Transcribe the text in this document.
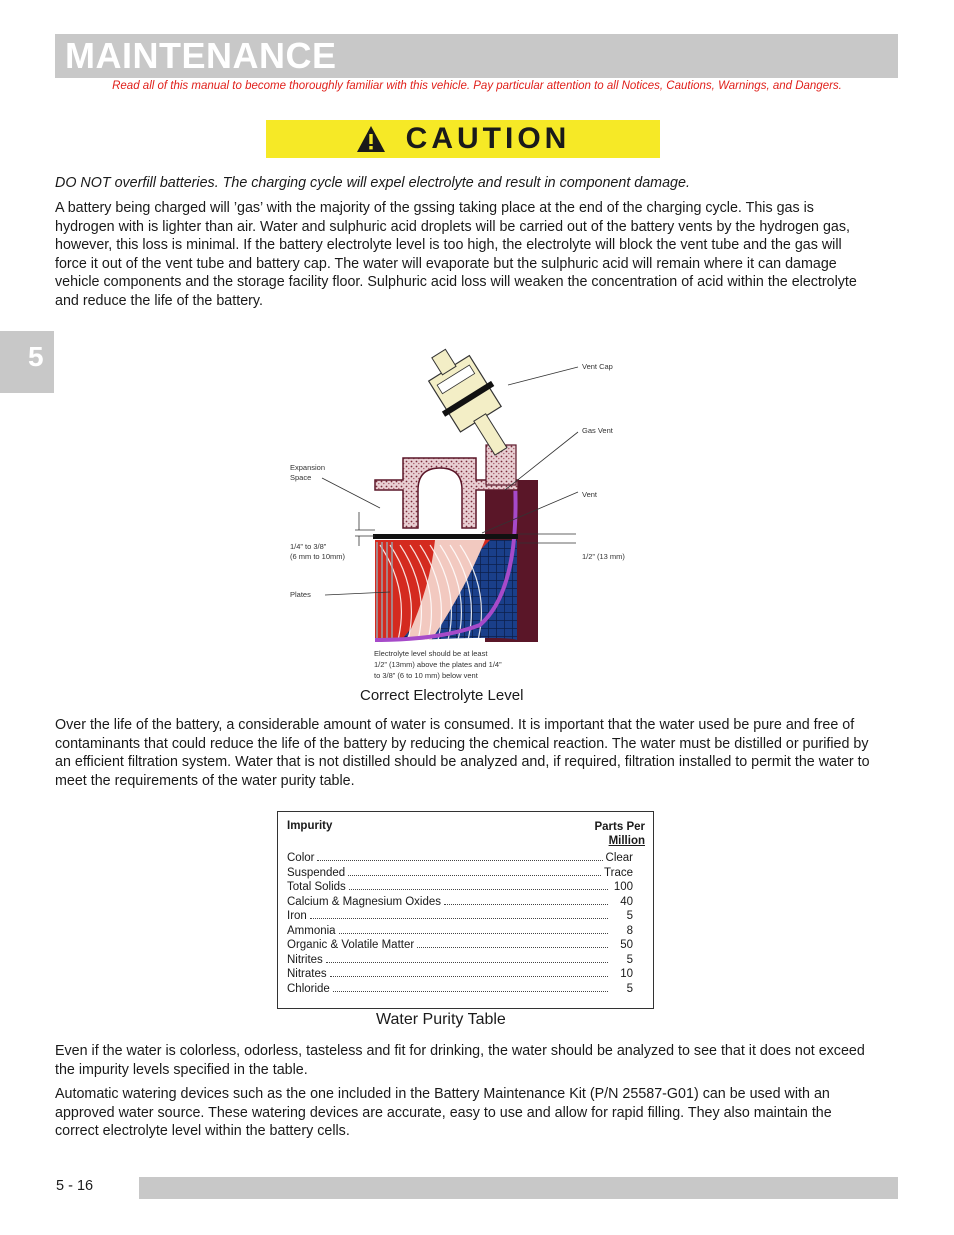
MAINTENANCE
Read all of this manual to become thoroughly familiar with this vehicle. Pay particular attention to all Notices, Cautions, Warnings, and Dangers.
CAUTION

DO NOT overfill batteries. The charging cycle will expel electrolyte and result in component damage.

A battery being charged will ’gas’ with the majority of the gssing taking place at the end of the charging cycle. This gas is hydrogen with is lighter than air. Water and sulphuric acid droplets will be carried out of the battery vents by the hydrogen gas, however, this loss is minimal. If the battery electrolyte level is too high, the electrolyte will block the vent tube and the gas will force it out of the vent tube and battery cap. The water will evaporate but the sulphuric acid will remain where it can damage vehicle components and the storage facility floor. Sulphuric acid loss will weaken the concentration of acid within the electrolyte and reduce the life of the battery.

5	Vent Cap
Gas Vent
Vent
Expansion
Space
1/4” to 3/8”
(6 mm to 10mm)	1/2” (13 mm)
Plates
Electrolyte level should be at least
1/2” (13mm) above the plates and 1/4”
to 3/8” (6 to 10 mm) below vent
Correct Electrolyte Level

Over the life of the battery, a considerable amount of water is consumed. It is important that the water used be pure and free of contaminants that could reduce the life of the battery by reducing the chemical reaction. The water must be distilled or purified by an efficient filtration system. Water that is not distilled should be analyzed and, if required, filtration installed to permit the water to meet the requirements of the water purity table.

Impurity	Parts Per
Million
Color	Clear
Suspended	Trace
Total Solids	100
Calcium & Magnesium Oxides	40
Iron	5
Ammonia	8
Organic & Volatile Matter	50
Nitrites	5
Nitrates	10
Chloride	5
Water Purity Table

Even if the water is colorless, odorless, tasteless and fit for drinking, the water should be analyzed to see that it does not exceed the impurity levels specified in the table.

Automatic watering devices such as the one included in the Battery Maintenance Kit (P/N 25587-G01) can be used with an approved water source. These watering devices are accurate, easy to use and allow for rapid filling. They also maintain the correct electrolyte level within the battery cells.

5 - 16
